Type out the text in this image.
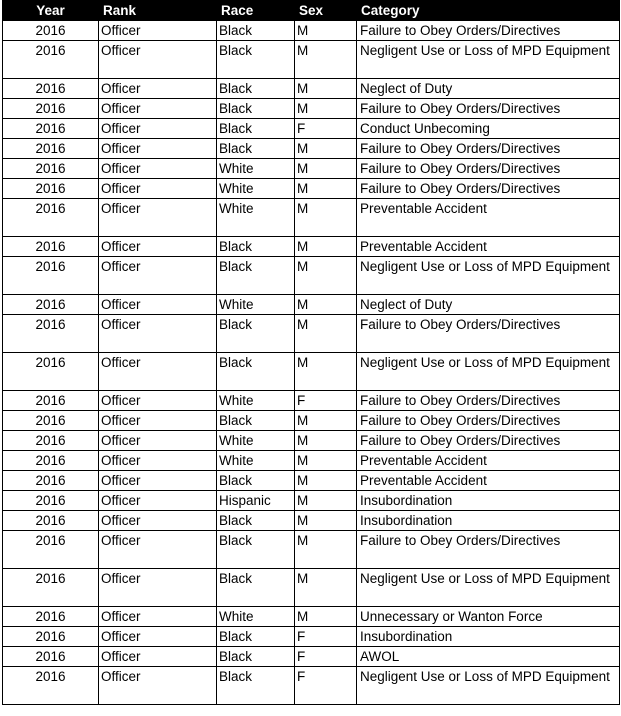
Year	Rank	Race	Sex	Category
2016	Officer	Black	M	Failure to Obey Orders/Directives
2016	Officer	Black	M	Negligent Use or Loss of MPD Equipment
2016	Officer	Black	M	Neglect of Duty
2016	Officer	Black	M	Failure to Obey Orders/Directives
2016	Officer	Black	F	Conduct Unbecoming
2016	Officer	Black	M	Failure to Obey Orders/Directives
2016	Officer	White	M	Failure to Obey Orders/Directives
2016	Officer	White	M	Failure to Obey Orders/Directives
2016	Officer	White	M	Preventable Accident
2016	Officer	Black	M	Preventable Accident
2016	Officer	Black	M	Negligent Use or Loss of MPD Equipment
2016	Officer	White	M	Neglect of Duty
2016	Officer	Black	M	Failure to Obey Orders/Directives
2016	Officer	Black	M	Negligent Use or Loss of MPD Equipment
2016	Officer	White	F	Failure to Obey Orders/Directives
2016	Officer	Black	M	Failure to Obey Orders/Directives
2016	Officer	White	M	Failure to Obey Orders/Directives
2016	Officer	White	M	Preventable Accident
2016	Officer	Black	M	Preventable Accident
2016	Officer	Hispanic	M	Insubordination
2016	Officer	Black	M	Insubordination
2016	Officer	Black	M	Failure to Obey Orders/Directives
2016	Officer	Black	M	Negligent Use or Loss of MPD Equipment
2016	Officer	White	M	Unnecessary or Wanton Force
2016	Officer	Black	F	Insubordination
2016	Officer	Black	F	AWOL
2016	Officer	Black	F	Negligent Use or Loss of MPD Equipment
